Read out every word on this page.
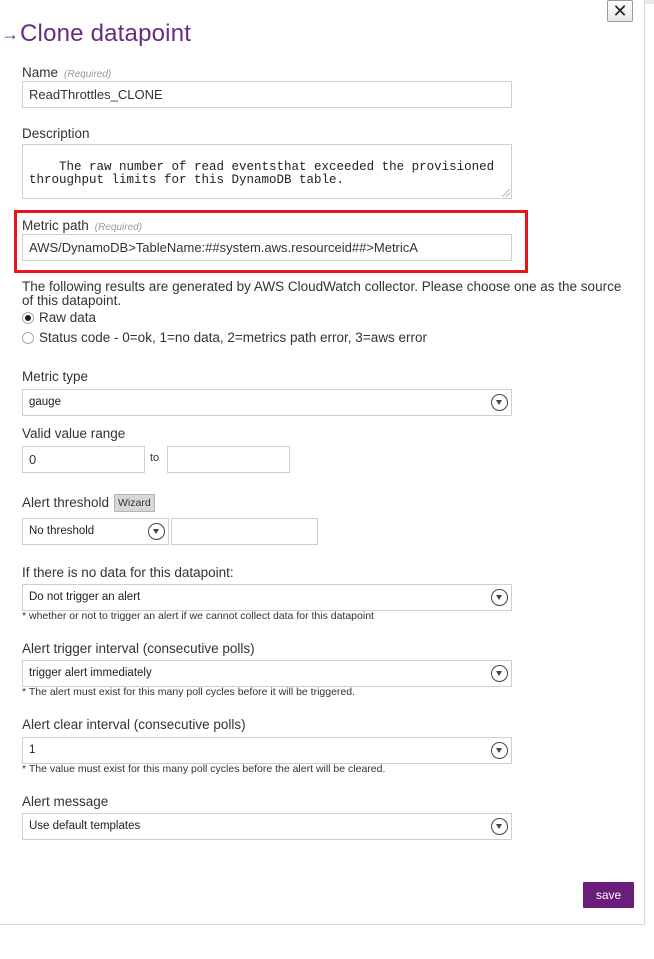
✕
→ Clone datapoint
Name (Required)
ReadThrottles_CLONE
Description

The raw number of read eventsthat exceeded the provisioned
throughput limits for this DynamoDB table.

Metric path (Required)
AWS/DynamoDB>TableName:##system.aws.resourceid##>MetricA
The following results are generated by AWS CloudWatch collector. Please choose one as the source of this datapoint.
Raw data
Status code - 0=ok, 1=no data, 2=metrics path error, 3=aws error
Metric type
gauge
Valid value range
0	to
Alert threshold Wizard
No threshold
If there is no data for this datapoint:
Do not trigger an alert
* whether or not to trigger an alert if we cannot collect data for this datapoint
Alert trigger interval (consecutive polls)
trigger alert immediately
* The alert must exist for this many poll cycles before it will be triggered.
Alert clear interval (consecutive polls)
1
* The value must exist for this many poll cycles before the alert will be cleared.
Alert message
Use default templates
save
